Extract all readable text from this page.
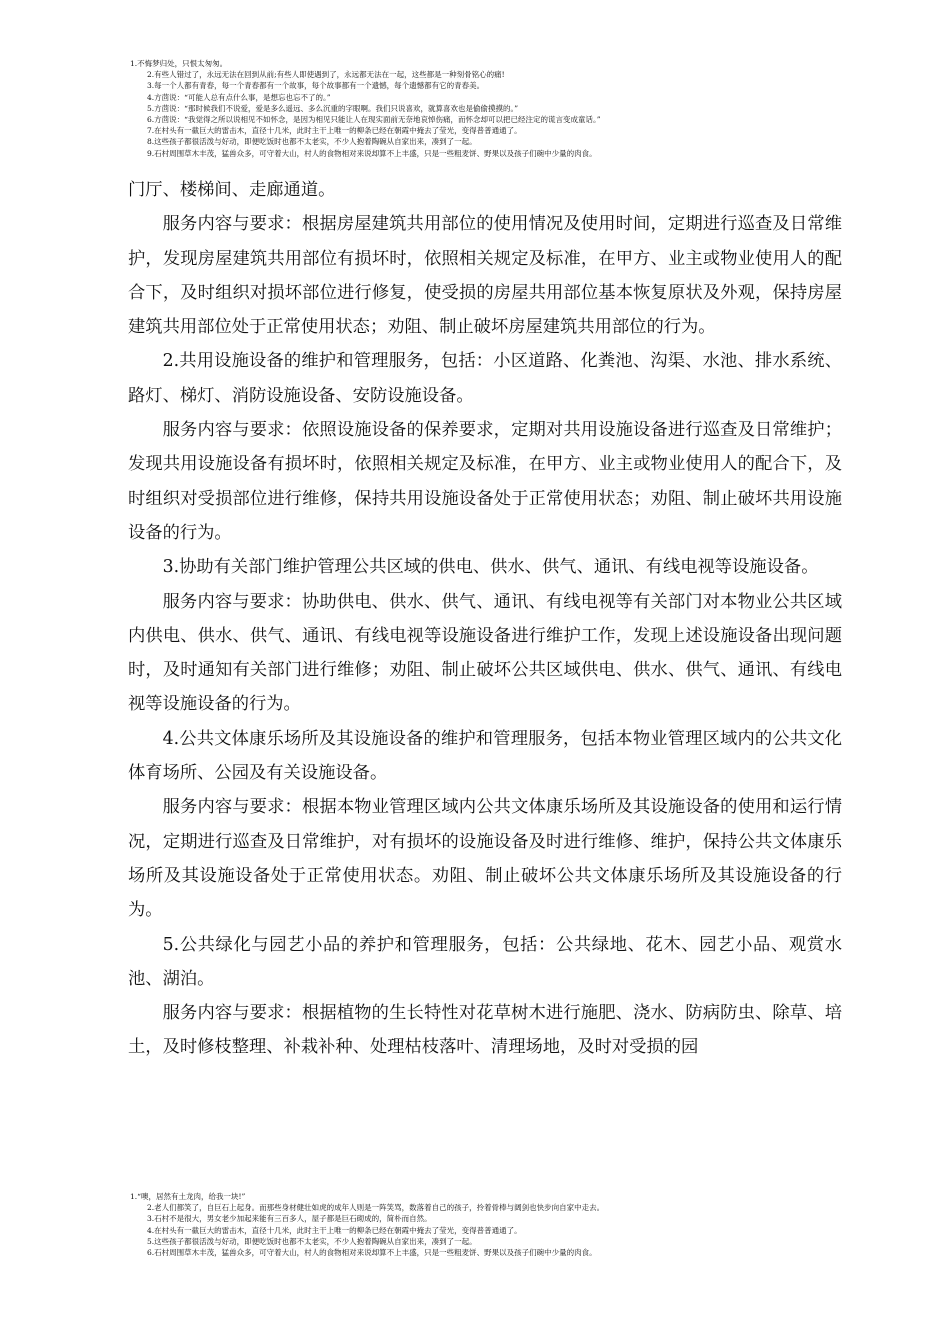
1.不悔梦归处，只恨太匆匆。
2.有些人错过了，永远无法在回到从前;有些人即使遇到了，永远都无法在一起，这些都是一种刻骨铭心的痛!
3.每一个人都有青春，每一个青春都有一个故事，每个故事都有一个遗憾，每个遗憾都有它的青春美。
4.方茴说：“可能人总有点什么事，是想忘也忘不了的。”
5.方茴说：“那时候我们不说爱，爱是多么遥远、多么沉重的字眼啊。我们只说喜欢，就算喜欢也是偷偷摸摸的。”
6.方茴说：“我觉得之所以说相见不如怀念，是因为相见只能让人在现实面前无奈地哀悼伤痛，而怀念却可以把已经注定的谎言变成童话。”
7.在村头有一截巨大的雷击木，直径十几米，此时主干上唯一的柳条已经在朝霞中掩去了莹光，变得普普通通了。
8.这些孩子都很活泼与好动，即便吃饭时也都不太老实，不少人抱着陶碗从自家出来，凑到了一起。
9.石村周围草木丰茂，猛兽众多，可守着大山，村人的食物相对来说却算不上丰盛，只是一些粗麦饼、野果以及孩子们碗中少量的肉食。

门厅、楼梯间、走廊通道。

服务内容与要求：根据房屋建筑共用部位的使用情况及使用时间，定期进行巡查及日常维护，发现房屋建筑共用部位有损坏时，依照相关规定及标准，在甲方、业主或物业使用人的配合下，及时组织对损坏部位进行修复，使受损的房屋共用部位基本恢复原状及外观，保持房屋建筑共用部位处于正常使用状态；劝阻、制止破坏房屋建筑共用部位的行为。

2.共用设施设备的维护和管理服务，包括：小区道路、化粪池、沟渠、水池、排水系统、路灯、梯灯、消防设施设备、安防设施设备。

服务内容与要求：依照设施设备的保养要求，定期对共用设施设备进行巡查及日常维护；发现共用设施设备有损坏时，依照相关规定及标准，在甲方、业主或物业使用人的配合下，及时组织对受损部位进行维修，保持共用设施设备处于正常使用状态；劝阻、制止破坏共用设施设备的行为。

3.协助有关部门维护管理公共区域的供电、供水、供气、通讯、有线电视等设施设备。

服务内容与要求：协助供电、供水、供气、通讯、有线电视等有关部门对本物业公共区域内供电、供水、供气、通讯、有线电视等设施设备进行维护工作，发现上述设施设备出现问题时，及时通知有关部门进行维修；劝阻、制止破坏公共区域供电、供水、供气、通讯、有线电视等设施设备的行为。

4.公共文体康乐场所及其设施设备的维护和管理服务，包括本物业管理区域内的公共文化体育场所、公园及有关设施设备。

服务内容与要求：根据本物业管理区域内公共文体康乐场所及其设施设备的使用和运行情况，定期进行巡查及日常维护，对有损坏的设施设备及时进行维修、维护，保持公共文体康乐场所及其设施设备处于正常使用状态。劝阻、制止破坏公共文体康乐场所及其设施设备的行为。

5.公共绿化与园艺小品的养护和管理服务，包括：公共绿地、花木、园艺小品、观赏水池、湖泊。

服务内容与要求：根据植物的生长特性对花草树木进行施肥、浇水、防病防虫、除草、培土，及时修枝整理、补栽补种、处理枯枝落叶、清理场地，及时对受损的园

1.“噢，居然有土龙肉，给我一块!”
2.老人们都笑了，自巨石上起身。而那些身材健壮如虎的成年人则是一阵笑骂，数落着自己的孩子，拎着骨棒与阔剑也快步向自家中走去。
3.石村不是很大，男女老少加起来能有三百多人，屋子都是巨石砌成的，简朴而自然。
4.在村头有一截巨大的雷击木，直径十几米，此时主干上唯一的柳条已经在朝霞中掩去了莹光，变得普普通通了。
5.这些孩子都很活泼与好动，即便吃饭时也都不太老实，不少人抱着陶碗从自家出来，凑到了一起。
6.石村周围草木丰茂，猛兽众多，可守着大山，村人的食物相对来说却算不上丰盛，只是一些粗麦饼、野果以及孩子们碗中少量的肉食。
